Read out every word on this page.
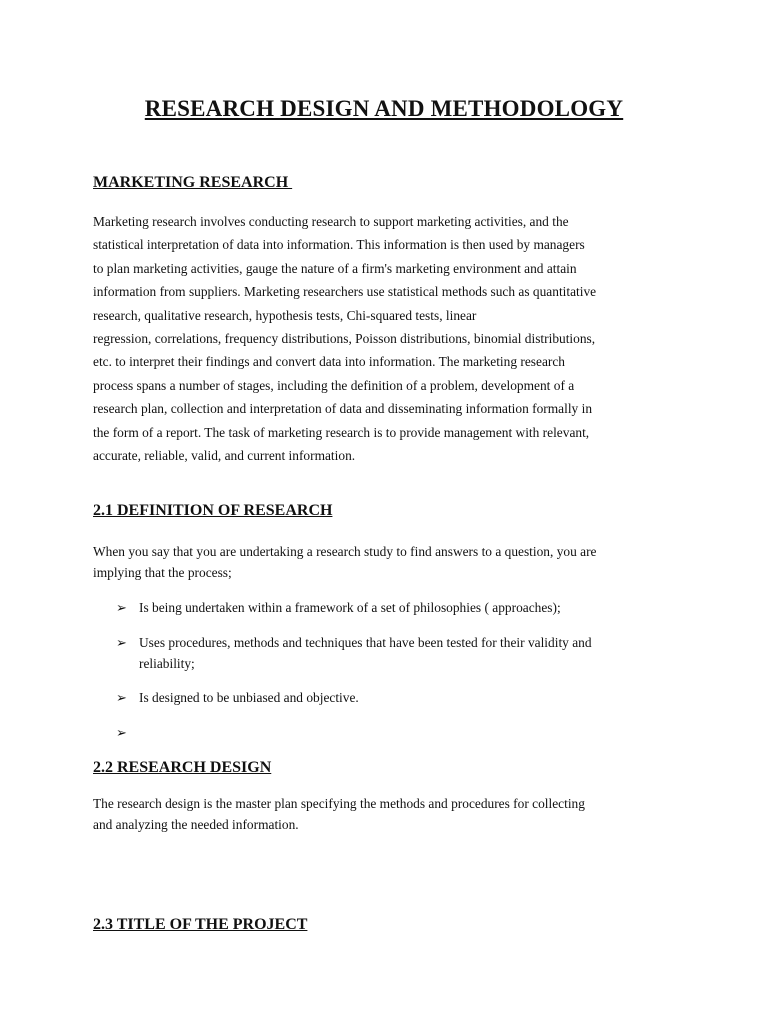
RESEARCH DESIGN AND METHODOLOGY
MARKETING RESEARCH

Marketing research involves conducting research to support marketing activities, and the
statistical interpretation of data into information. This information is then used by managers
to plan marketing activities, gauge the nature of a firm's marketing environment and attain
information from suppliers. Marketing researchers use statistical methods such as quantitative
research, qualitative research, hypothesis tests, Chi-squared tests, linear
regression, correlations, frequency distributions, Poisson distributions, binomial distributions,
etc. to interpret their findings and convert data into information. The marketing research
process spans a number of stages, including the definition of a problem, development of a
research plan, collection and interpretation of data and disseminating information formally in
the form of a report. The task of marketing research is to provide management with relevant,
accurate, reliable, valid, and current information.

2.1 DEFINITION OF RESEARCH

When you say that you are undertaking a research study to find answers to a question, you are
implying that the process;

➢ Is being undertaken within a framework of a set of philosophies ( approaches);
➢ Uses procedures, methods and techniques that have been tested for their validity and
reliability;
➢ Is designed to be unbiased and objective.
➢
2.2 RESEARCH DESIGN

The research design is the master plan specifying the methods and procedures for collecting
and analyzing the needed information.

2.3 TITLE OF THE PROJECT
